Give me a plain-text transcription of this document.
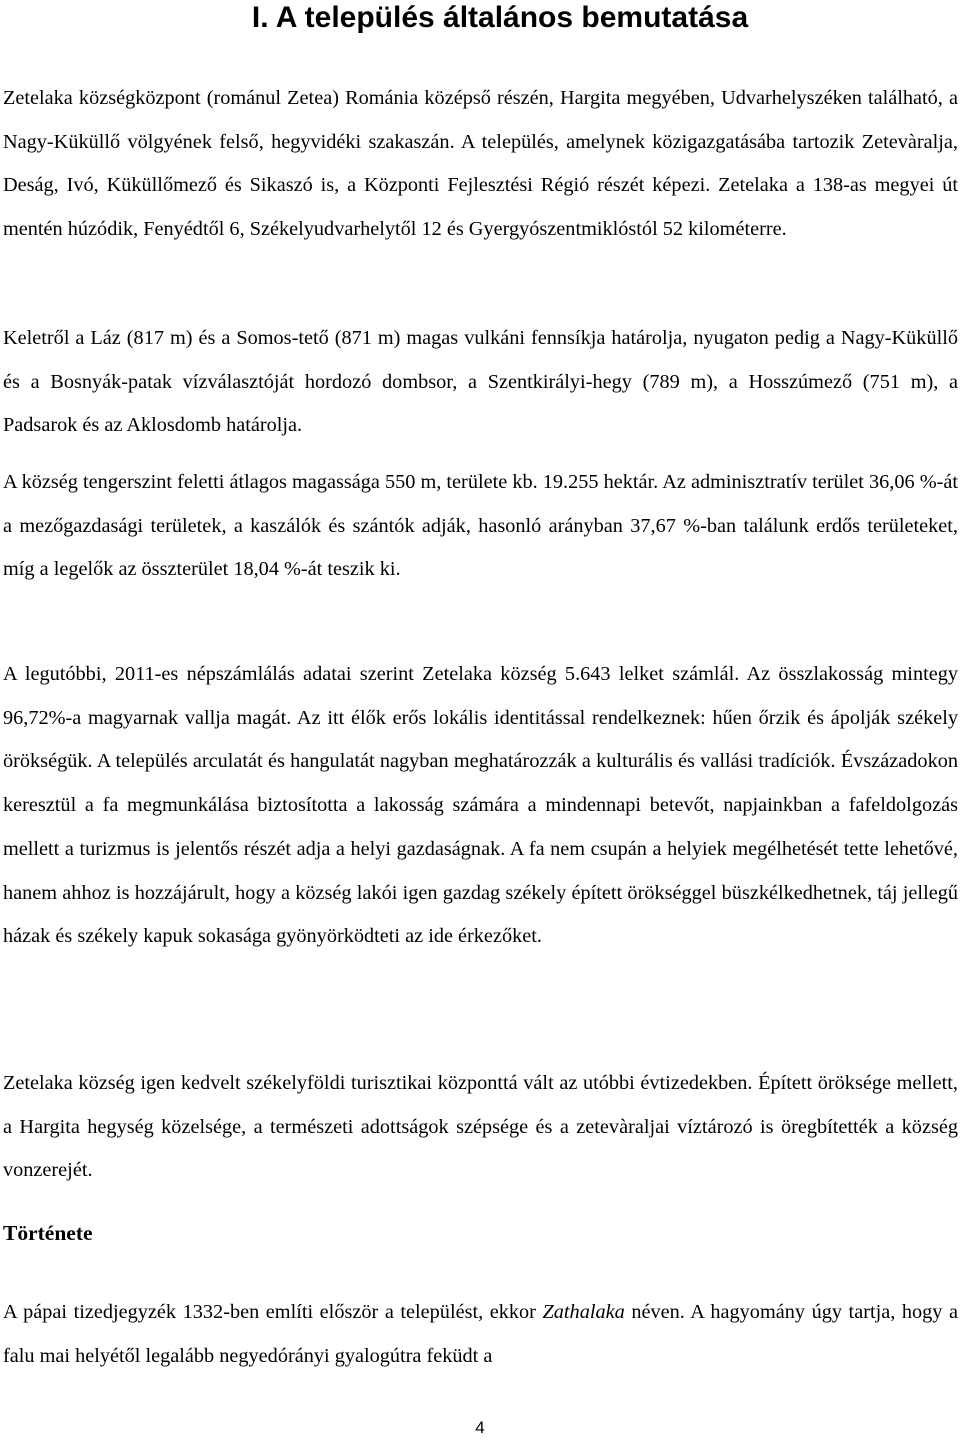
I. A település általános bemutatása

Zetelaka községközpont (románul Zetea) Románia középső részén, Hargita megyében, Udvarhelyszéken található, a Nagy-Küküllő völgyének felső, hegyvidéki szakaszán. A település, amelynek közigazgatásába tartozik Zetevàralja, Deság, Ivó, Küküllőmező és Sikaszó is, a Központi Fejlesztési Régió részét képezi. Zetelaka a 138-as megyei út mentén húzódik, Fenyédtől 6, Székelyudvarhelytől 12 és Gyergyószentmiklóstól 52 kilométerre.

Keletről a Láz (817 m) és a Somos-tető (871 m) magas vulkáni fennsíkja határolja, nyugaton pedig a Nagy-Küküllő és a Bosnyák-patak vízválasztóját hordozó dombsor, a Szentkirályi-hegy (789 m), a Hosszúmező (751 m), a Padsarok és az Aklosdomb határolja.

A község tengerszint feletti átlagos magassága 550 m, területe kb. 19.255 hektár. Az adminisztratív terület 36,06 %-át a mezőgazdasági területek, a kaszálók és szántók adják, hasonló arányban 37,67 %-ban találunk erdős területeket, míg a legelők az összterület 18,04 %-át teszik ki.

A legutóbbi, 2011-es népszámlálás adatai szerint Zetelaka község 5.643 lelket számlál. Az összlakosság mintegy 96,72%-a magyarnak vallja magát. Az itt élők erős lokális identitással rendelkeznek: hűen őrzik és ápolják székely örökségük. A település arculatát és hangulatát nagyban meghatározzák a kulturális és vallási tradíciók. Évszázadokon keresztül a fa megmunkálása biztosította a lakosság számára a mindennapi betevőt, napjainkban a fafeldolgozás mellett a turizmus is jelentős részét adja a helyi gazdaságnak. A fa nem csupán a helyiek megélhetését tette lehetővé, hanem ahhoz is hozzájárult, hogy a község lakói igen gazdag székely épített örökséggel büszkélkedhetnek, táj jellegű házak és székely kapuk sokasága gyönyörködteti az ide érkezőket.

Zetelaka község igen kedvelt székelyföldi turisztikai központtá vált az utóbbi évtizedekben. Épített öröksége mellett, a Hargita hegység közelsége, a természeti adottságok szépsége és a zetevàraljai víztározó is öregbítették a község vonzerejét.

Története

A pápai tizedjegyzék 1332-ben említi először a települést, ekkor Zathalaka néven. A hagyomány úgy tartja, hogy a falu mai helyétől legalább negyedórányi gyalogútra feküdt a

4
